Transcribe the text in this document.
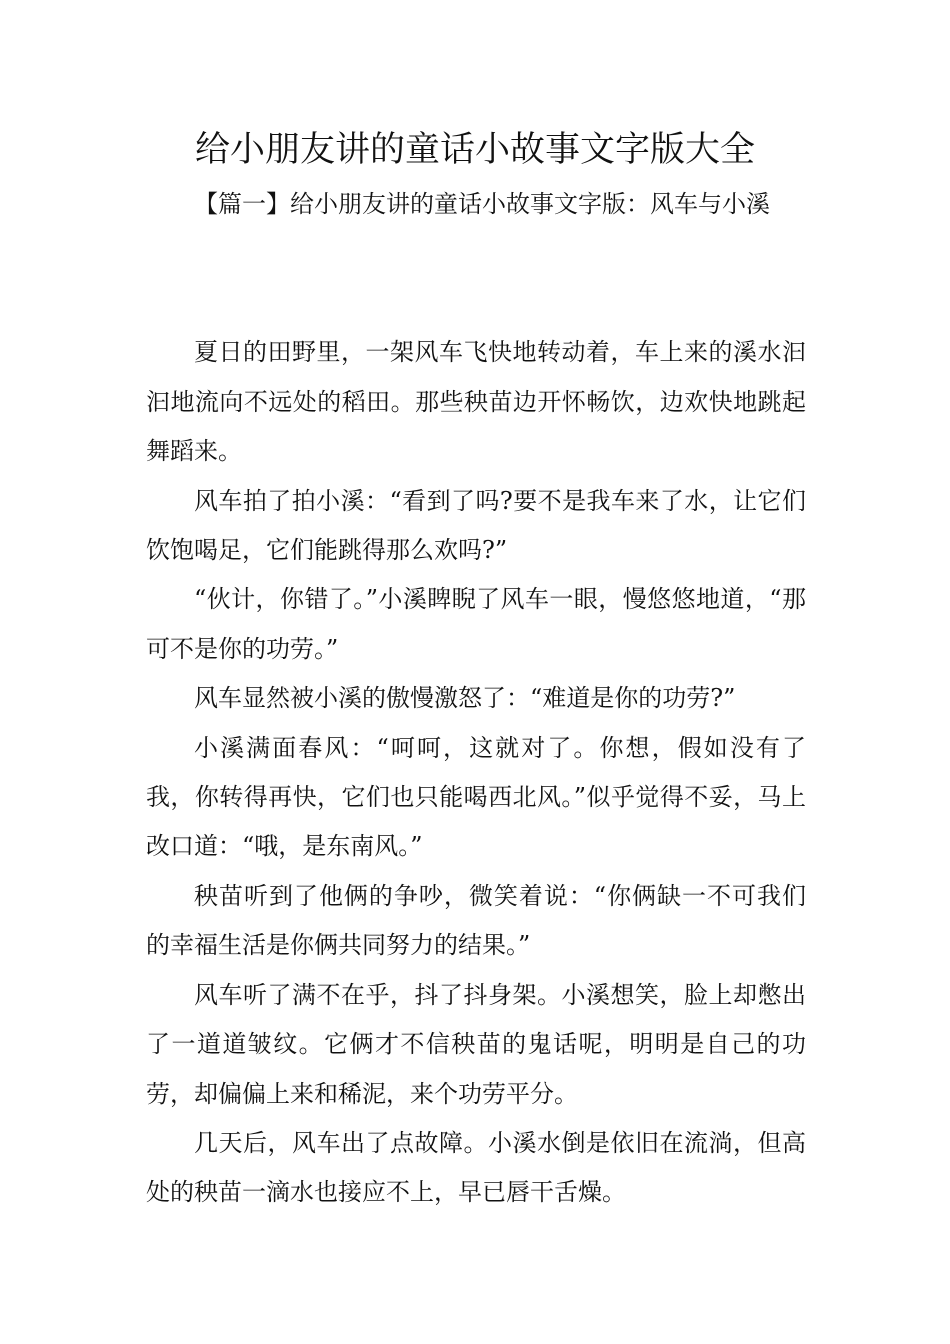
给小朋友讲的童话小故事文字版大全

【篇一】给小朋友讲的童话小故事文字版：风车与小溪

夏日的田野里，一架风车飞快地转动着，车上来的溪水汩汩地流向不远处的稻田。那些秧苗边开怀畅饮，边欢快地跳起舞蹈来。

风车拍了拍小溪：“看到了吗?要不是我车来了水，让它们饮饱喝足，它们能跳得那么欢吗?”

“伙计，你错了。”小溪睥睨了风车一眼，慢悠悠地道，“那可不是你的功劳。”

风车显然被小溪的傲慢激怒了：“难道是你的功劳?”

小溪满面春风：“呵呵，这就对了。你想，假如没有了我，你转得再快，它们也只能喝西北风。”似乎觉得不妥，马上改口道：“哦，是东南风。”

秧苗听到了他俩的争吵，微笑着说：“你俩缺一不可我们的幸福生活是你俩共同努力的结果。”

风车听了满不在乎，抖了抖身架。小溪想笑，脸上却憋出了一道道皱纹。它俩才不信秧苗的鬼话呢，明明是自己的功劳，却偏偏上来和稀泥，来个功劳平分。

几天后，风车出了点故障。小溪水倒是依旧在流淌，但高处的秧苗一滴水也接应不上，早已唇干舌燥。
